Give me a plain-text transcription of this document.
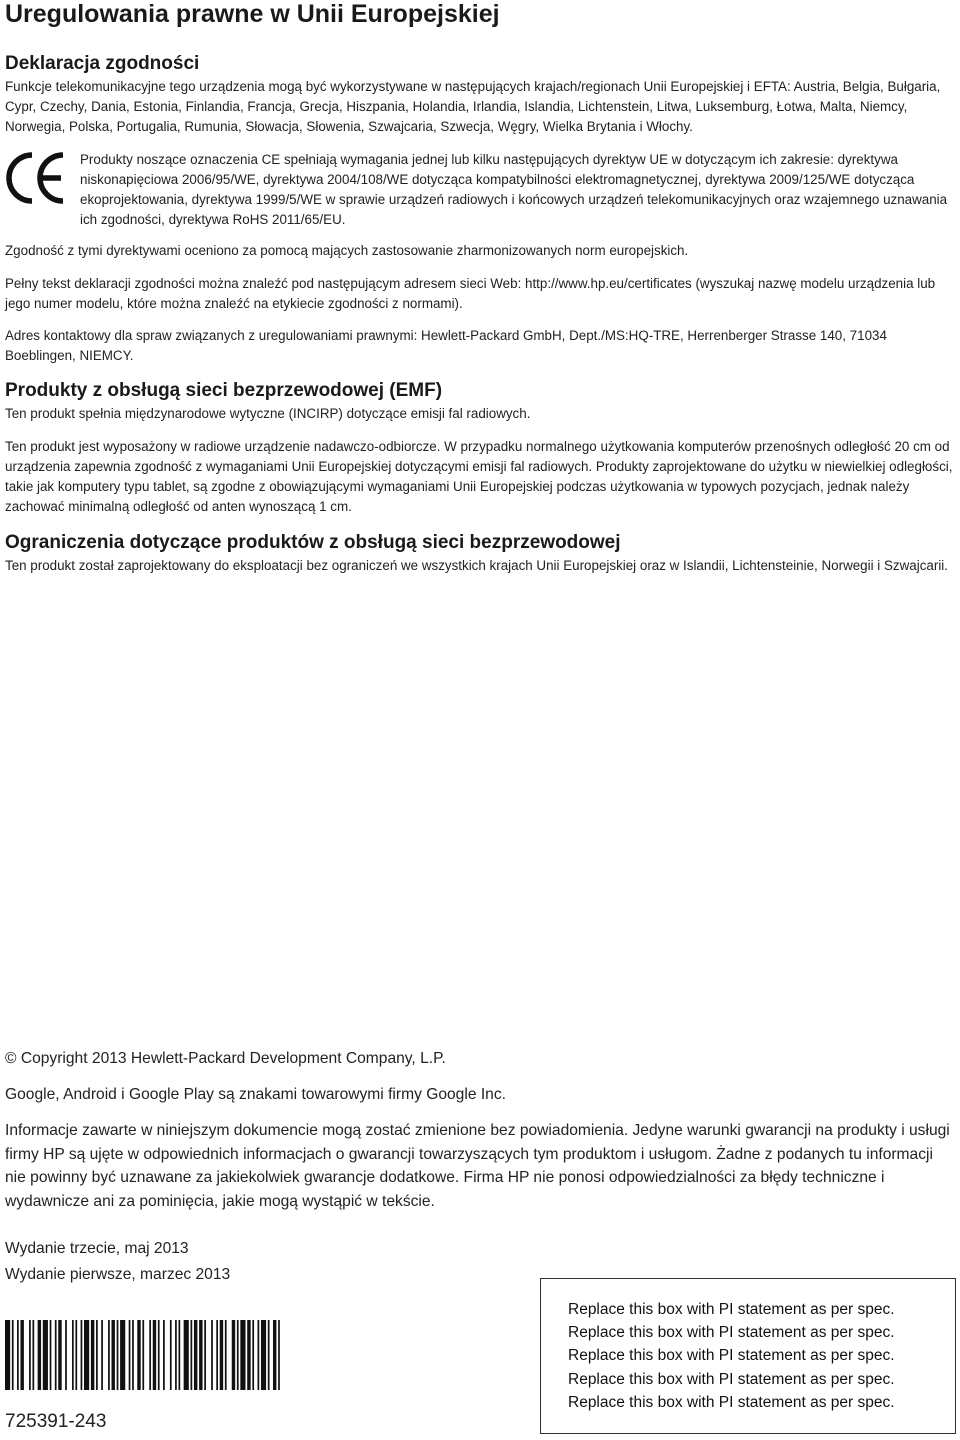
Uregulowania prawne w Unii Europejskiej
Deklaracja zgodności

Funkcje telekomunikacyjne tego urządzenia mogą być wykorzystywane w następujących krajach/regionach Unii Europejskiej i EFTA: Austria, Belgia, Bułgaria, Cypr, Czechy, Dania, Estonia, Finlandia, Francja, Grecja, Hiszpania, Holandia, Irlandia, Islandia, Lichtenstein, Litwa, Luksemburg, Łotwa, Malta, Niemcy, Norwegia, Polska, Portugalia, Rumunia, Słowacja, Słowenia, Szwajcaria, Szwecja, Węgry, Wielka Brytania i Włochy.

Produkty noszące oznaczenia CE spełniają wymagania jednej lub kilku następujących dyrektyw UE w dotyczącym ich zakresie: dyrektywa niskonapięciowa 2006/95/WE, dyrektywa 2004/108/WE dotycząca kompatybilności elektromagnetycznej, dyrektywa 2009/125/WE dotycząca ekoprojektowania, dyrektywa 1999/5/WE w sprawie urządzeń radiowych i końcowych urządzeń telekomunikacyjnych oraz wzajemnego uznawania ich zgodności, dyrektywa RoHS 2011/65/EU.

Zgodność z tymi dyrektywami oceniono za pomocą mających zastosowanie zharmonizowanych norm europejskich.

Pełny tekst deklaracji zgodności można znaleźć pod następującym adresem sieci Web: http://www.hp.eu/certificates (wyszukaj nazwę modelu urządzenia lub jego numer modelu, które można znaleźć na etykiecie zgodności z normami).

Adres kontaktowy dla spraw związanych z uregulowaniami prawnymi: Hewlett-Packard GmbH, Dept./MS:HQ-TRE, Herrenberger Strasse 140, 71034 Boeblingen, NIEMCY.

Produkty z obsługą sieci bezprzewodowej (EMF)

Ten produkt spełnia międzynarodowe wytyczne (INCIRP) dotyczące emisji fal radiowych.

Ten produkt jest wyposażony w radiowe urządzenie nadawczo-odbiorcze. W przypadku normalnego użytkowania komputerów przenośnych odległość 20 cm od urządzenia zapewnia zgodność z wymaganiami Unii Europejskiej dotyczącymi emisji fal radiowych. Produkty zaprojektowane do użytku w niewielkiej odległości, takie jak komputery typu tablet, są zgodne z obowiązującymi wymaganiami Unii Europejskiej podczas użytkowania w typowych pozycjach, jednak należy zachować minimalną odległość od anten wynoszącą 1 cm.

Ograniczenia dotyczące produktów z obsługą sieci bezprzewodowej

Ten produkt został zaprojektowany do eksploatacji bez ograniczeń we wszystkich krajach Unii Europejskiej oraz w Islandii, Lichtensteinie, Norwegii i Szwajcarii.

© Copyright 2013 Hewlett-Packard Development Company, L.P.

Google, Android i Google Play są znakami towarowymi firmy Google Inc.

Informacje zawarte w niniejszym dokumencie mogą zostać zmienione bez powiadomienia. Jedyne warunki gwarancji na produkty i usługi firmy HP są ujęte w odpowiednich informacjach o gwarancji towarzyszących tym produktom i usługom. Żadne z podanych tu informacji nie powinny być uznawane za jakiekolwiek gwarancje dodatkowe. Firma HP nie ponosi odpowiedzialności za błędy techniczne i wydawnicze ani za pominięcia, jakie mogą wystąpić w tekście.

Wydanie trzecie, maj 2013

Wydanie pierwsze, marzec 2013

725391-243
Replace this box with PI statement as per spec.
Replace this box with PI statement as per spec.
Replace this box with PI statement as per spec.
Replace this box with PI statement as per spec.
Replace this box with PI statement as per spec.
